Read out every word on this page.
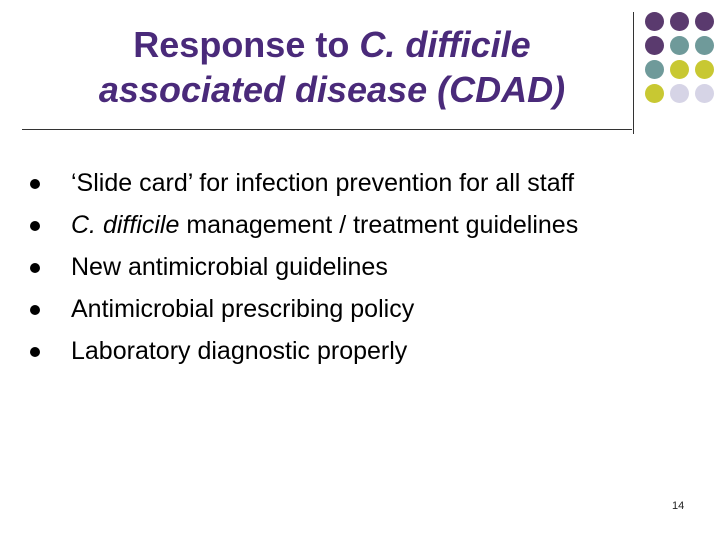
Response to C. difficile
associated disease (CDAD)
‘Slide card’ for infection prevention for all staff
C. difficile management / treatment guidelines
New antimicrobial guidelines
Antimicrobial prescribing policy
Laboratory diagnostic properly
14
